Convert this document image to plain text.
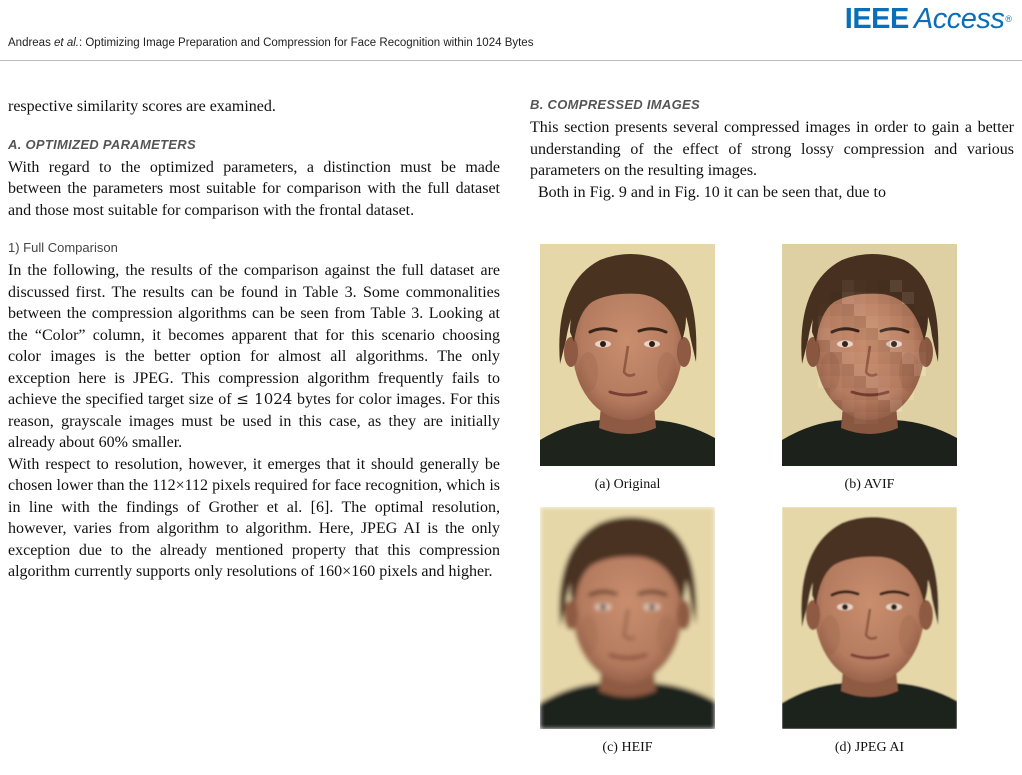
Andreas et al.: Optimizing Image Preparation and Compression for Face Recognition within 1024 Bytes
IEEE Access®

respective similarity scores are examined.

A. OPTIMIZED PARAMETERS

With regard to the optimized parameters, a distinction must be made between the parameters most suitable for comparison with the full dataset and those most suitable for comparison with the frontal dataset.

1) Full Comparison

In the following, the results of the comparison against the full dataset are discussed first. The results can be found in Table 3. Some commonalities between the compression algorithms can be seen from Table 3. Looking at the “Color” column, it becomes apparent that for this scenario choosing color images is the better option for almost all algorithms. The only exception here is JPEG. This compression algorithm frequently fails to achieve the specified target size of ≤ 1024 bytes for color images. For this reason, grayscale images must be used in this case, as they are initially already about 60% smaller.

With respect to resolution, however, it emerges that it should generally be chosen lower than the 112×112 pixels required for face recognition, which is in line with the findings of Grother et al. [6]. The optimal resolution, however, varies from algorithm to algorithm. Here, JPEG AI is the only exception due to the already mentioned property that this compression algorithm currently supports only resolutions of 160×160 pixels and higher.

B. COMPRESSED IMAGES

This section presents several compressed images in order to gain a better understanding of the effect of strong lossy compression and various parameters on the resulting images.

Both in Fig. 9 and in Fig. 10 it can be seen that, due to

(a) Original	(b) AVIF
(c) HEIF	(d) JPEG AI
